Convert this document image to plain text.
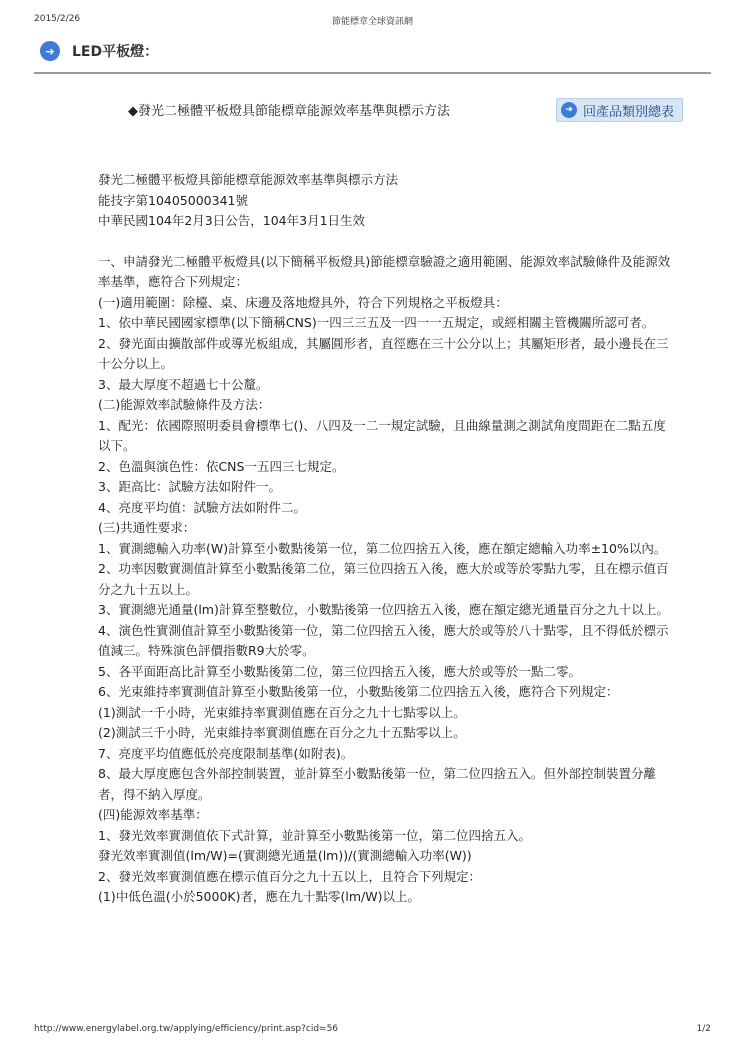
2015/2/26	節能標章全球資訊網
➜	LED平板燈：
◆發光二極體平板燈具節能標章能源效率基準與標示方法	➜ 回產品類別總表

發光二極體平板燈具節能標章能源效率基準與標示方法

能技字第10405000341號

中華民國104年2月3日公告，104年3月1日生效

一、申請發光二極體平板燈具(以下簡稱平板燈具)節能標章驗證之適用範圍、能源效率試驗條件及能源效率基準，應符合下列規定：

(一)適用範圍：除檯、桌、床邊及落地燈具外，符合下列規格之平板燈具：

1、依中華民國國家標準(以下簡稱CNS)一四三三五及一四一一五規定，或經相關主管機關所認可者。

2、發光面由擴散部件或導光板組成，其屬圓形者，直徑應在三十公分以上；其屬矩形者，最小邊長在三十公分以上。

3、最大厚度不超過七十公釐。

(二)能源效率試驗條件及方法：

1、配光：依國際照明委員會標準七()、八四及一二一規定試驗，且曲線量測之測試角度間距在二點五度以下。

2、色溫與演色性：依CNS一五四三七規定。

3、距高比：試驗方法如附件一。

4、亮度平均值：試驗方法如附件二。

(三)共通性要求：

1、實測總輸入功率(W)計算至小數點後第一位，第二位四捨五入後，應在額定總輸入功率±10%以內。

2、功率因數實測值計算至小數點後第二位，第三位四捨五入後，應大於或等於零點九零，且在標示值百分之九十五以上。

3、實測總光通量(lm)計算至整數位，小數點後第一位四捨五入後，應在額定總光通量百分之九十以上。

4、演色性實測值計算至小數點後第一位，第二位四捨五入後，應大於或等於八十點零，且不得低於標示值減三。特殊演色評價指數R9大於零。

5、各平面距高比計算至小數點後第二位，第三位四捨五入後，應大於或等於一點二零。

6、光束維持率實測值計算至小數點後第一位，小數點後第二位四捨五入後，應符合下列規定：

(1)測試一千小時，光束維持率實測值應在百分之九十七點零以上。

(2)測試三千小時，光束維持率實測值應在百分之九十五點零以上。

7、亮度平均值應低於亮度限制基準(如附表)。

8、最大厚度應包含外部控制裝置，並計算至小數點後第一位，第二位四捨五入。但外部控制裝置分離者，得不納入厚度。

(四)能源效率基準：

1、發光效率實測值依下式計算，並計算至小數點後第一位，第二位四捨五入。

發光效率實測值(lm/W)=(實測總光通量(lm))/(實測總輸入功率(W))

2、發光效率實測值應在標示值百分之九十五以上，且符合下列規定：

(1)中低色溫(小於5000K)者，應在九十點零(lm/W)以上。

http://www.energylabel.org.tw/applying/efficiency/print.asp?cid=56	1/2
